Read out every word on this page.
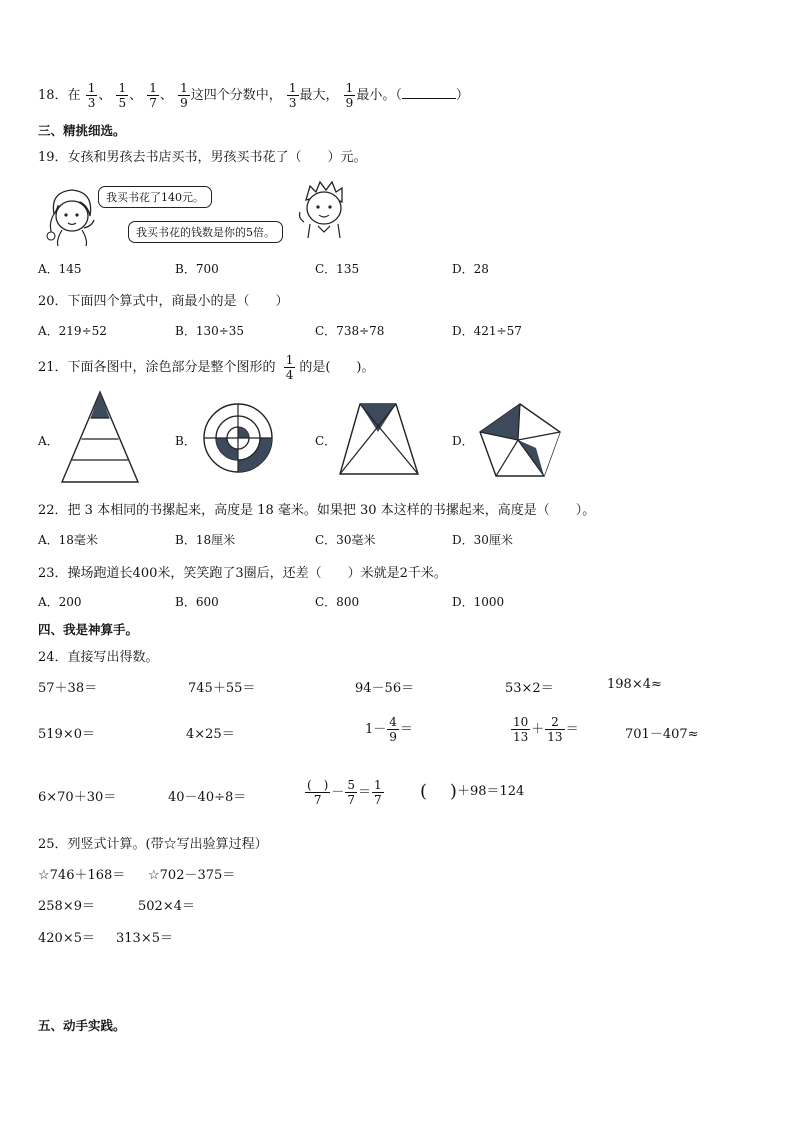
18．在 $\frac{1}{3}$ 、 $\frac{1}{5}$ 、 $\frac{1}{7}$ 、 $\frac{1}{9}$ 这四个分数中， $\frac{1}{3}$ 最大， $\frac{1}{9}$ 最小。（	）
三、精挑细选。
19．女孩和男孩去书店买书，男孩买书花了（　　）元。
我买书花了140元。
我买书花的钱数是你的5倍。
A．145	B．700	C．135	D．28
20．下面四个算式中，商最小的是（　　）
A．219÷52	B．130÷35	C．738÷78	D．421÷57
21．下面各图中，涂色部分是整个图形的 $\frac{1}{4}$ 的是(　　)。
A．	B．	C．	D．
22．把 3 本相同的书摞起来，高度是 18 毫米。如果把 30 本这样的书摞起来，高度是（　　）。
A．18毫米	B．18厘米	C．30毫米	D．30厘米
23．操场跑道长400米，笑笑跑了3圈后，还差（　　）米就是2千米。
A．200	B．600	C．800	D．1000
四、我是神算手。
24．直接写出得数。
57＋38＝	745＋55＝	94－56＝	53×2＝	198×4≈
519×0＝	4×25＝	$1- \frac{4}{9}$ ＝	$\frac{10}{13} + \frac{2}{13}$ ＝	701－407≈
6×70＋30＝	40－40÷8＝	$\frac{( )}{7} - \frac{5}{7} = \frac{1}{7}$ (    )＋98＝124
25．列竖式计算。(带☆写出验算过程）
☆746＋168＝ ☆702－375＝
258×9＝	502×4＝
420×5＝ 313×5＝
五、动手实践。
